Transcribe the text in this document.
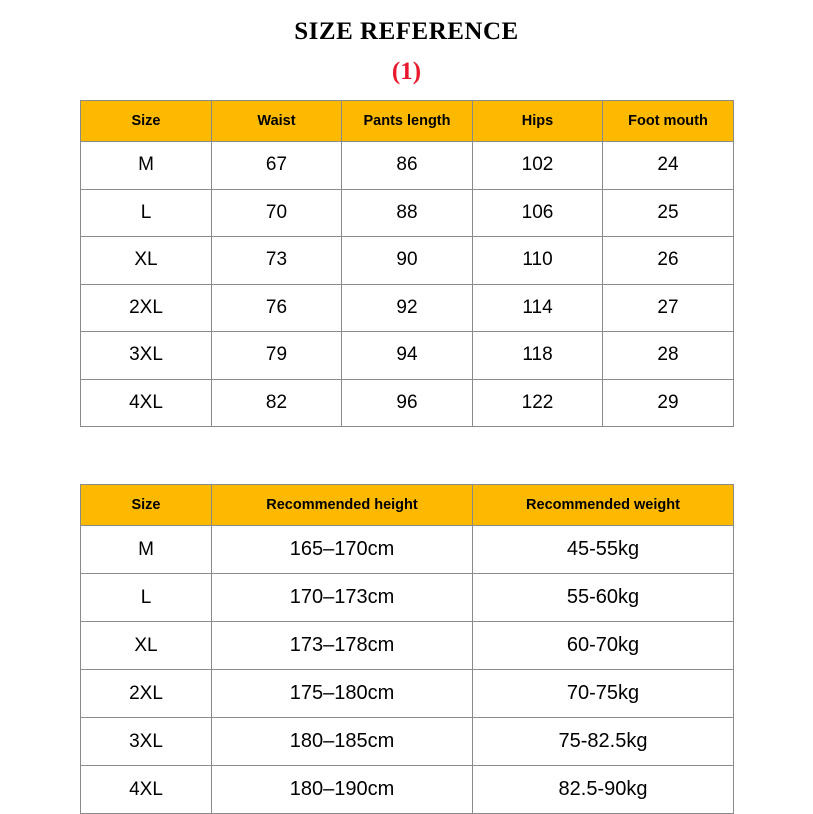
SIZE REFERENCE
(1)
Size	Waist	Pants length	Hips	Foot mouth
M	67	86	102	24
L	70	88	106	25
XL	73	90	110	26
2XL	76	92	114	27
3XL	79	94	118	28
4XL	82	96	122	29
Size	Recommended height	Recommended weight
M	165–170cm	45-55kg
L	170–173cm	55-60kg
XL	173–178cm	60-70kg
2XL	175–180cm	70-75kg
3XL	180–185cm	75-82.5kg
4XL	180–190cm	82.5-90kg
